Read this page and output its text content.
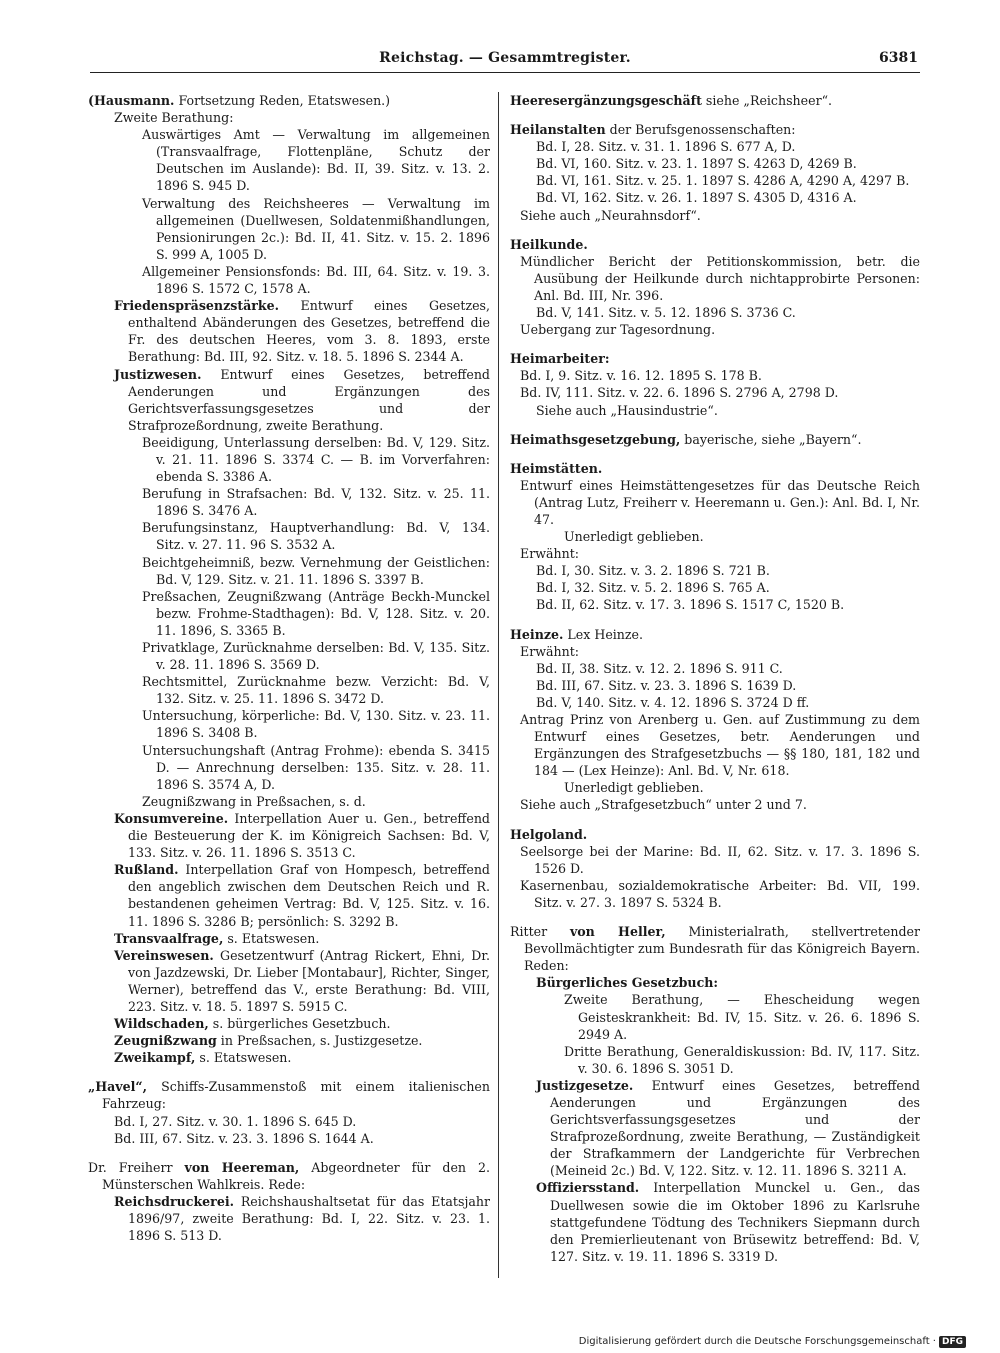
Reichstag. — Gesammtregister.	6381

(Hausmann. Fortsetzung Reden, Etatswesen.)

Zweite Berathung:

Auswärtiges Amt — Verwaltung im allgemeinen (Transvaalfrage, Flottenpläne, Schutz der Deutschen im Auslande): Bd. II, 39. Sitz. v. 13. 2. 1896 S. 945 D.

Verwaltung des Reichsheeres — Verwaltung im allgemeinen (Duellwesen, Soldatenmißhandlungen, Pensionirungen 2c.): Bd. II, 41. Sitz. v. 15. 2. 1896 S. 999 A, 1005 D.

Allgemeiner Pensionsfonds: Bd. III, 64. Sitz. v. 19. 3. 1896 S. 1572 C, 1578 A.

Friedenspräsenzstärke. Entwurf eines Gesetzes, enthaltend Abänderungen des Gesetzes, betreffend die Fr. des deutschen Heeres, vom 3. 8. 1893, erste Berathung: Bd. III, 92. Sitz. v. 18. 5. 1896 S. 2344 A.

Justizwesen. Entwurf eines Gesetzes, betreffend Aenderungen und Ergänzungen des Gerichtsverfassungsgesetzes und der Strafprozeßordnung, zweite Berathung.

Beeidigung, Unterlassung derselben: Bd. V, 129. Sitz. v. 21. 11. 1896 S. 3374 C. — B. im Vorverfahren: ebenda S. 3386 A.

Berufung in Strafsachen: Bd. V, 132. Sitz. v. 25. 11. 1896 S. 3476 A.

Berufungsinstanz, Hauptverhandlung: Bd. V, 134. Sitz. v. 27. 11. 96 S. 3532 A.

Beichtgeheimniß, bezw. Vernehmung der Geistlichen: Bd. V, 129. Sitz. v. 21. 11. 1896 S. 3397 B.

Preßsachen, Zeugnißzwang (Anträge Beckh-Munckel bezw. Frohme-Stadthagen): Bd. V, 128. Sitz. v. 20. 11. 1896, S. 3365 B.

Privatklage, Zurücknahme derselben: Bd. V, 135. Sitz. v. 28. 11. 1896 S. 3569 D.

Rechtsmittel, Zurücknahme bezw. Verzicht: Bd. V, 132. Sitz. v. 25. 11. 1896 S. 3472 D.

Untersuchung, körperliche: Bd. V, 130. Sitz. v. 23. 11. 1896 S. 3408 B.

Untersuchungshaft (Antrag Frohme): ebenda S. 3415 D. — Anrechnung derselben: 135. Sitz. v. 28. 11. 1896 S. 3574 A, D.

Zeugnißzwang in Preßsachen, s. d.

Konsumvereine. Interpellation Auer u. Gen., betreffend die Besteuerung der K. im Königreich Sachsen: Bd. V, 133. Sitz. v. 26. 11. 1896 S. 3513 C.

Rußland. Interpellation Graf von Hompesch, betreffend den angeblich zwischen dem Deutschen Reich und R. bestandenen geheimen Vertrag: Bd. V, 125. Sitz. v. 16. 11. 1896 S. 3286 B; persönlich: S. 3292 B.

Transvaalfrage, s. Etatswesen.

Vereinswesen. Gesetzentwurf (Antrag Rickert, Ehni, Dr. von Jazdzewski, Dr. Lieber [Montabaur], Richter, Singer, Werner), betreffend das V., erste Berathung: Bd. VIII, 223. Sitz. v. 18. 5. 1897 S. 5915 C.

Wildschaden, s. bürgerliches Gesetzbuch.

Zeugnißzwang in Preßsachen, s. Justizgesetze.

Zweikampf, s. Etatswesen.

„Havel“, Schiffs-Zusammenstoß mit einem italienischen Fahrzeug:

Bd. I, 27. Sitz. v. 30. 1. 1896 S. 645 D.

Bd. III, 67. Sitz. v. 23. 3. 1896 S. 1644 A.

Dr. Freiherr von Heereman, Abgeordneter für den 2. Münsterschen Wahlkreis. Rede:

Reichsdruckerei. Reichshaushaltsetat für das Etatsjahr 1896/97, zweite Berathung: Bd. I, 22. Sitz. v. 23. 1. 1896 S. 513 D.

Heeresergänzungsgeschäft siehe „Reichsheer“.

Heilanstalten der Berufsgenossenschaften:

Bd. I, 28. Sitz. v. 31. 1. 1896 S. 677 A, D.

Bd. VI, 160. Sitz. v. 23. 1. 1897 S. 4263 D, 4269 B.

Bd. VI, 161. Sitz. v. 25. 1. 1897 S. 4286 A, 4290 A, 4297 B.

Bd. VI, 162. Sitz. v. 26. 1. 1897 S. 4305 D, 4316 A.

Siehe auch „Neurahnsdorf“.

Heilkunde.

Mündlicher Bericht der Petitionskommission, betr. die Ausübung der Heilkunde durch nichtapprobirte Personen: Anl. Bd. III, Nr. 396.

Bd. V, 141. Sitz. v. 5. 12. 1896 S. 3736 C.

Uebergang zur Tagesordnung.

Heimarbeiter:

Bd. I, 9. Sitz. v. 16. 12. 1895 S. 178 B.

Bd. IV, 111. Sitz. v. 22. 6. 1896 S. 2796 A, 2798 D.

Siehe auch „Hausindustrie“.

Heimathsgesetzgebung, bayerische, siehe „Bayern“.

Heimstätten.

Entwurf eines Heimstättengesetzes für das Deutsche Reich (Antrag Lutz, Freiherr v. Heeremann u. Gen.): Anl. Bd. I, Nr. 47.

Unerledigt geblieben.

Erwähnt:

Bd. I, 30. Sitz. v. 3. 2. 1896 S. 721 B.

Bd. I, 32. Sitz. v. 5. 2. 1896 S. 765 A.

Bd. II, 62. Sitz. v. 17. 3. 1896 S. 1517 C, 1520 B.

Heinze. Lex Heinze.

Erwähnt:

Bd. II, 38. Sitz. v. 12. 2. 1896 S. 911 C.

Bd. III, 67. Sitz. v. 23. 3. 1896 S. 1639 D.

Bd. V, 140. Sitz. v. 4. 12. 1896 S. 3724 D ff.

Antrag Prinz von Arenberg u. Gen. auf Zustimmung zu dem Entwurf eines Gesetzes, betr. Aenderungen und Ergänzungen des Strafgesetzbuchs — §§ 180, 181, 182 und 184 — (Lex Heinze): Anl. Bd. V, Nr. 618.

Unerledigt geblieben.

Siehe auch „Strafgesetzbuch“ unter 2 und 7.

Helgoland.

Seelsorge bei der Marine: Bd. II, 62. Sitz. v. 17. 3. 1896 S. 1526 D.

Kasernenbau, sozialdemokratische Arbeiter: Bd. VII, 199. Sitz. v. 27. 3. 1897 S. 5324 B.

Ritter von Heller, Ministerialrath, stellvertretender Bevollmächtigter zum Bundesrath für das Königreich Bayern. Reden:

Bürgerliches Gesetzbuch:

Zweite Berathung, — Ehescheidung wegen Geisteskrankheit: Bd. IV, 15. Sitz. v. 26. 6. 1896 S. 2949 A.

Dritte Berathung, Generaldiskussion: Bd. IV, 117. Sitz. v. 30. 6. 1896 S. 3051 D.

Justizgesetze. Entwurf eines Gesetzes, betreffend Aenderungen und Ergänzungen des Gerichtsverfassungsgesetzes und der Strafprozeßordnung, zweite Berathung, — Zuständigkeit der Strafkammern der Landgerichte für Verbrechen (Meineid 2c.) Bd. V, 122. Sitz. v. 12. 11. 1896 S. 3211 A.

Offiziersstand. Interpellation Munckel u. Gen., das Duellwesen sowie die im Oktober 1896 zu Karlsruhe stattgefundene Tödtung des Technikers Siepmann durch den Premierlieutenant von Brüsewitz betreffend: Bd. V, 127. Sitz. v. 19. 11. 1896 S. 3319 D.

Digitalisierung gefördert durch die Deutsche Forschungsgemeinschaft · DFG
